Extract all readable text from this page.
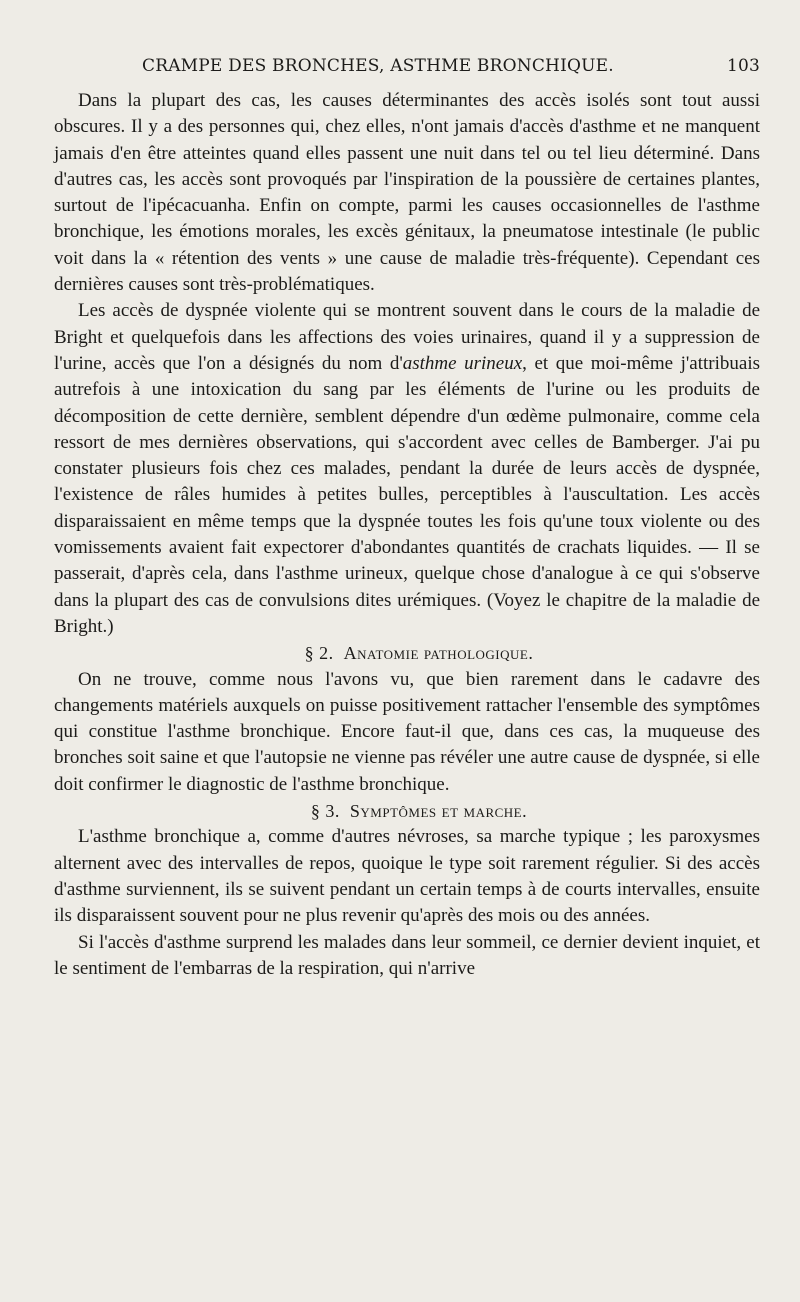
CRAMPE DES BRONCHES, ASTHME BRONCHIQUE.	103

Dans la plupart des cas, les causes déterminantes des accès isolés sont tout aussi obscures. Il y a des personnes qui, chez elles, n'ont jamais d'accès d'asthme et ne manquent jamais d'en être atteintes quand elles passent une nuit dans tel ou tel lieu déterminé. Dans d'autres cas, les accès sont provoqués par l'inspiration de la poussière de certaines plantes, surtout de l'ipécacuanha. Enfin on compte, parmi les causes occasionnelles de l'asthme bronchique, les émotions morales, les excès génitaux, la pneumatose intestinale (le public voit dans la « rétention des vents » une cause de maladie très-fréquente). Cependant ces dernières causes sont très-problématiques.

Les accès de dyspnée violente qui se montrent souvent dans le cours de la maladie de Bright et quelquefois dans les affections des voies urinaires, quand il y a suppression de l'urine, accès que l'on a désignés du nom d'asthme urineux, et que moi-même j'attribuais autrefois à une intoxication du sang par les éléments de l'urine ou les produits de décomposition de cette dernière, semblent dépendre d'un œdème pulmonaire, comme cela ressort de mes dernières observations, qui s'accordent avec celles de Bamberger. J'ai pu constater plusieurs fois chez ces malades, pendant la durée de leurs accès de dyspnée, l'existence de râles humides à petites bulles, perceptibles à l'auscultation. Les accès disparaissaient en même temps que la dyspnée toutes les fois qu'une toux violente ou des vomissements avaient fait expectorer d'abondantes quantités de crachats liquides. — Il se passerait, d'après cela, dans l'asthme urineux, quelque chose d'analogue à ce qui s'observe dans la plupart des cas de convulsions dites urémiques. (Voyez le chapitre de la maladie de Bright.)

§ 2. Anatomie pathologique.

On ne trouve, comme nous l'avons vu, que bien rarement dans le cadavre des changements matériels auxquels on puisse positivement rattacher l'ensemble des symptômes qui constitue l'asthme bronchique. Encore faut-il que, dans ces cas, la muqueuse des bronches soit saine et que l'autopsie ne vienne pas révéler une autre cause de dyspnée, si elle doit confirmer le diagnostic de l'asthme bronchique.

§ 3. Symptômes et marche.

L'asthme bronchique a, comme d'autres névroses, sa marche typique ; les paroxysmes alternent avec des intervalles de repos, quoique le type soit rarement régulier. Si des accès d'asthme surviennent, ils se suivent pendant un certain temps à de courts intervalles, ensuite ils disparaissent souvent pour ne plus revenir qu'après des mois ou des années.

Si l'accès d'asthme surprend les malades dans leur sommeil, ce dernier devient inquiet, et le sentiment de l'embarras de la respiration, qui n'arrive
